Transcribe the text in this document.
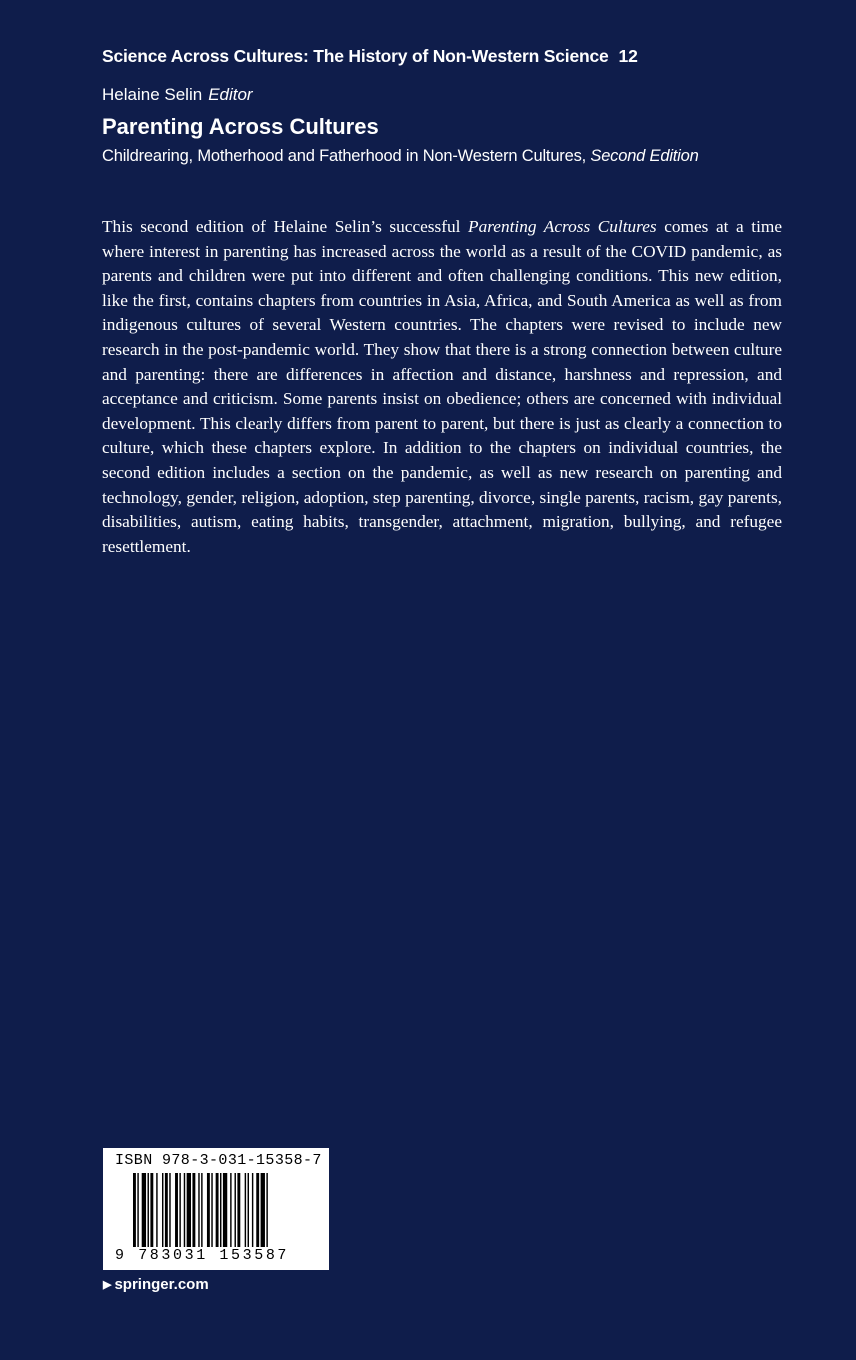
Science Across Cultures: The History of Non-Western Science 12
Helaine Selin Editor
Parenting Across Cultures
Childrearing, Motherhood and Fatherhood in Non-Western Cultures, Second Edition

This second edition of Helaine Selin’s successful Parenting Across Cultures comes at a time where interest in parenting has increased across the world as a result of the COVID pandemic, as parents and children were put into different and often challenging conditions. This new edition, like the first, contains chapters from countries in Asia, Africa, and South America as well as from indigenous cultures of several Western countries. The chapters were revised to include new research in the post-pandemic world. They show that there is a strong connection between culture and parenting: there are differences in affection and distance, harshness and repression, and acceptance and criticism. Some parents insist on obedience; others are concerned with individual development. This clearly differs from parent to parent, but there is just as clearly a connection to culture, which these chapters explore. In addition to the chapters on individual countries, the second edition includes a section on the pandemic, as well as new research on parenting and technology, gender, religion, adoption, step parenting, divorce, single parents, racism, gay parents, disabilities, autism, eating habits, transgender, attachment, migration, bullying, and refugee resettlement.

ISBN 978-3-031-15358-7
9 783031 153587
▶ springer.com
